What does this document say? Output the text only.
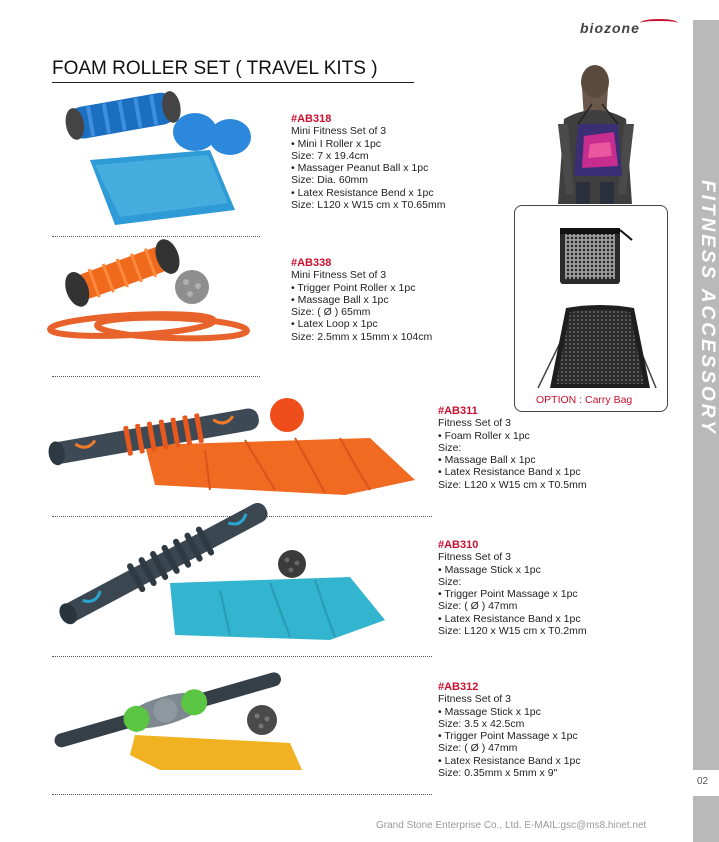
biozone
FOAM ROLLER SET ( TRAVEL KITS )
FITNESS ACCESSORY
02
OPTION : Carry Bag
#AB318
Mini Fitness Set of 3
• Mini I Roller x 1pc
Size: 7 x 19.4cm
• Massager Peanut Ball x 1pc
Size: Dia. 60mm
• Latex Resistance Bend x 1pc
Size: L120 x W15 cm x T0.65mm
#AB338
Mini Fitness Set of 3
• Trigger Point Roller x 1pc
• Massage Ball x 1pc
Size: ( Ø ) 65mm
• Latex Loop x 1pc
Size: 2.5mm x 15mm x 104cm
#AB311
Fitness Set of 3
• Foam Roller x 1pc
Size:
• Massage Ball x 1pc
• Latex Resistance Band x 1pc
Size: L120 x W15 cm x T0.5mm
#AB310
Fitness Set of 3
• Massage Stick x 1pc
Size:
• Trigger Point Massage x 1pc
Size: ( Ø ) 47mm
• Latex Resistance Band x 1pc
Size: L120 x W15 cm x T0.2mm
#AB312
Fitness Set of 3
• Massage Stick x 1pc
Size: 3.5 x 42.5cm
• Trigger Point Massage x 1pc
Size: ( Ø ) 47mm
• Latex Resistance Band x 1pc
Size: 0.35mm x 5mm x 9"
Grand Stone Enterprise Co., Ltd. E-MAIL:gsc@ms8.hinet.net
